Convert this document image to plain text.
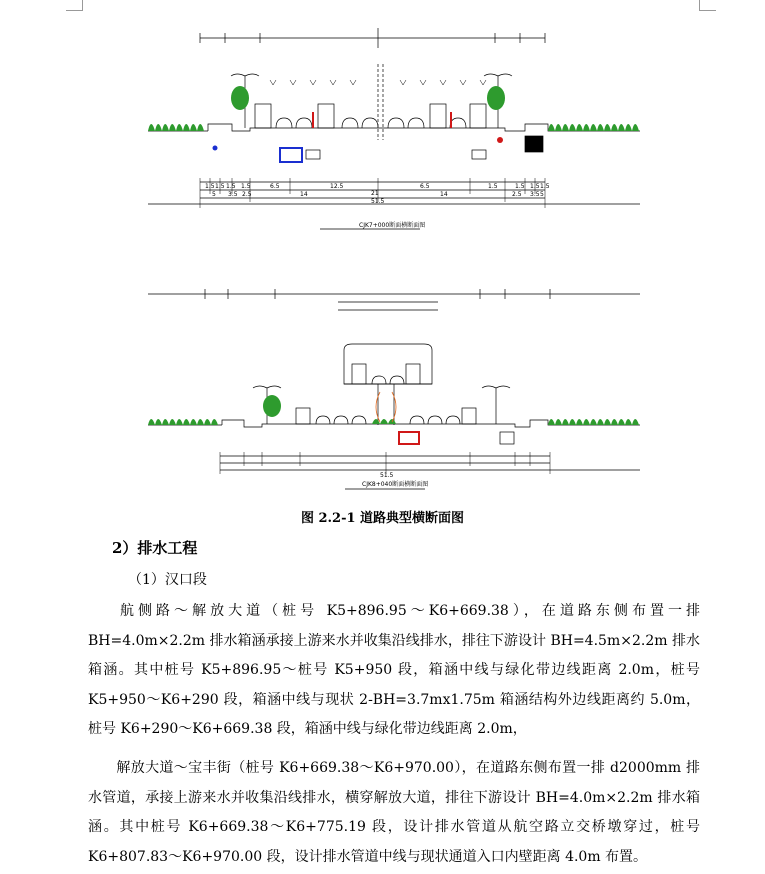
CJK7+000断面横断面图
21
51.5
CJK8+040断面横断面图
51.5
1.5 1.5 1.5 1.5	6.5	12.5	6.5	1.5	1.5 1.5 1.5
5 3.5 2.5	14	14	2.5 3.5 5
图 2.2-1 道路典型横断面图
2）排水工程
（1）汉口段
航侧路～解放大道（桩号 K5+896.95～K6+669.38），在道路东侧布置一排 BH=4.0m×2.2m 排水箱涵承接上游来水并收集沿线排水，排往下游设计 BH=4.5m×2.2m 排水箱涵。其中桩号 K5+896.95～桩号 K5+950 段，箱涵中线与绿化带边线距离 2.0m，桩号 K5+950～K6+290 段，箱涵中线与现状 2-BH=3.7mx1.75m 箱涵结构外边线距离约 5.0m，桩号 K6+290～K6+669.38 段，箱涵中线与绿化带边线距离 2.0m，
解放大道～宝丰街（桩号 K6+669.38～K6+970.00），在道路东侧布置一排 d2000mm 排水管道，承接上游来水并收集沿线排水，横穿解放大道，排往下游设计 BH=4.0m×2.2m 排水箱涵。其中桩号 K6+669.38～K6+775.19 段，设计排水管道从航空路立交桥墩穿过，桩号 K6+807.83～K6+970.00 段，设计排水管道中线与现状通道入口内壁距离 4.0m 布置。
